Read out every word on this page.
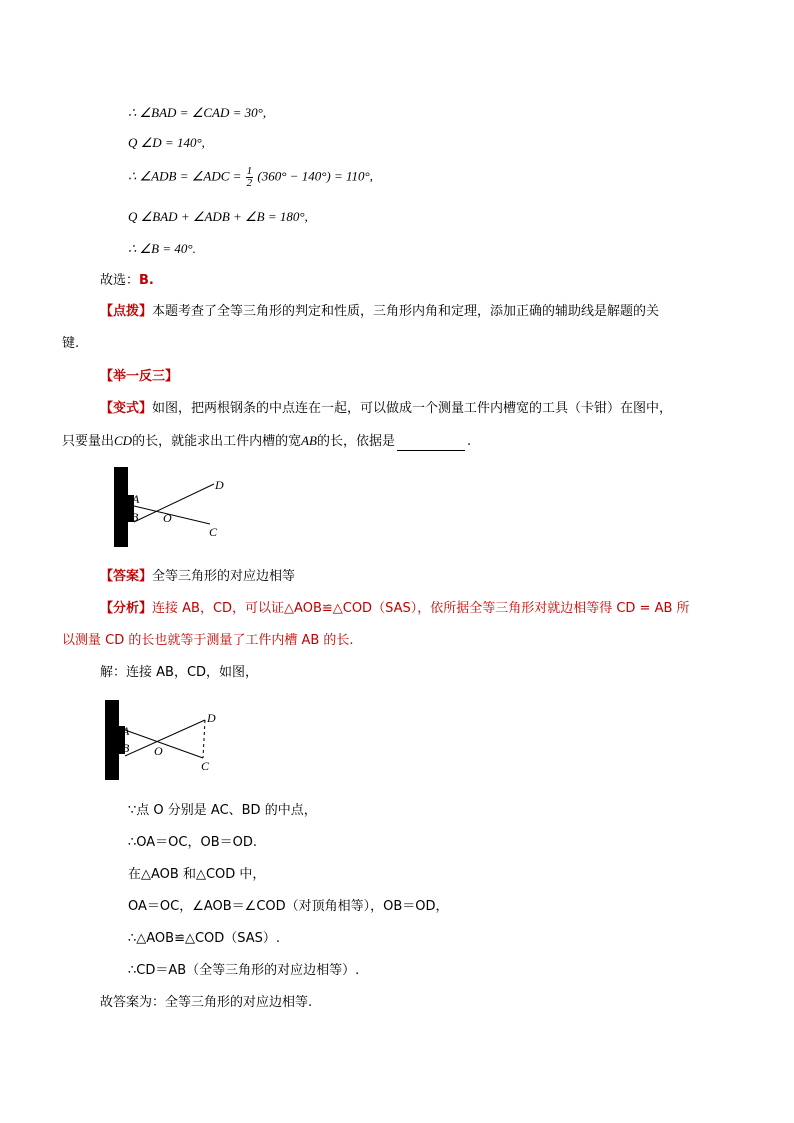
∴ ∠BAD = ∠CAD = 30°,
Q ∠D = 140°,
∴ ∠ADB = ∠ADC = $\frac{1}{2} (360^\circ - 140^\circ) = 110^\circ$,
Q ∠BAD + ∠ADB + ∠B = 180°,
∴ ∠B = 40°.
故选：B.
【点拨】本题考查了全等三角形的判定和性质，三角形内角和定理，添加正确的辅助线是解题的关
键.
【举一反三】
【变式】如图，把两根钢条的中点连在一起，可以做成一个测量工件内槽宽的工具（卡钳）在图中，
只要量出CD的长，就能求出工件内槽的宽AB的长，依据是	.
A
B O
C
D
【答案】全等三角形的对应边相等
【分析】连接 AB，CD，可以证△AOB≌△COD（SAS），依所据全等三角形对就边相等得 CD = AB 所
以测量 CD 的长也就等于测量了工件内槽 AB 的长.
解：连接 AB，CD，如图，
A
B O
C
D
∵点 O 分别是 AC、BD 的中点，
∴OA＝OC，OB＝OD.
在△AOB 和△COD 中，
OA＝OC，∠AOB＝∠COD（对顶角相等），OB＝OD，
∴△AOB≌△COD（SAS）.
∴CD＝AB（全等三角形的对应边相等）.
故答案为：全等三角形的对应边相等.
